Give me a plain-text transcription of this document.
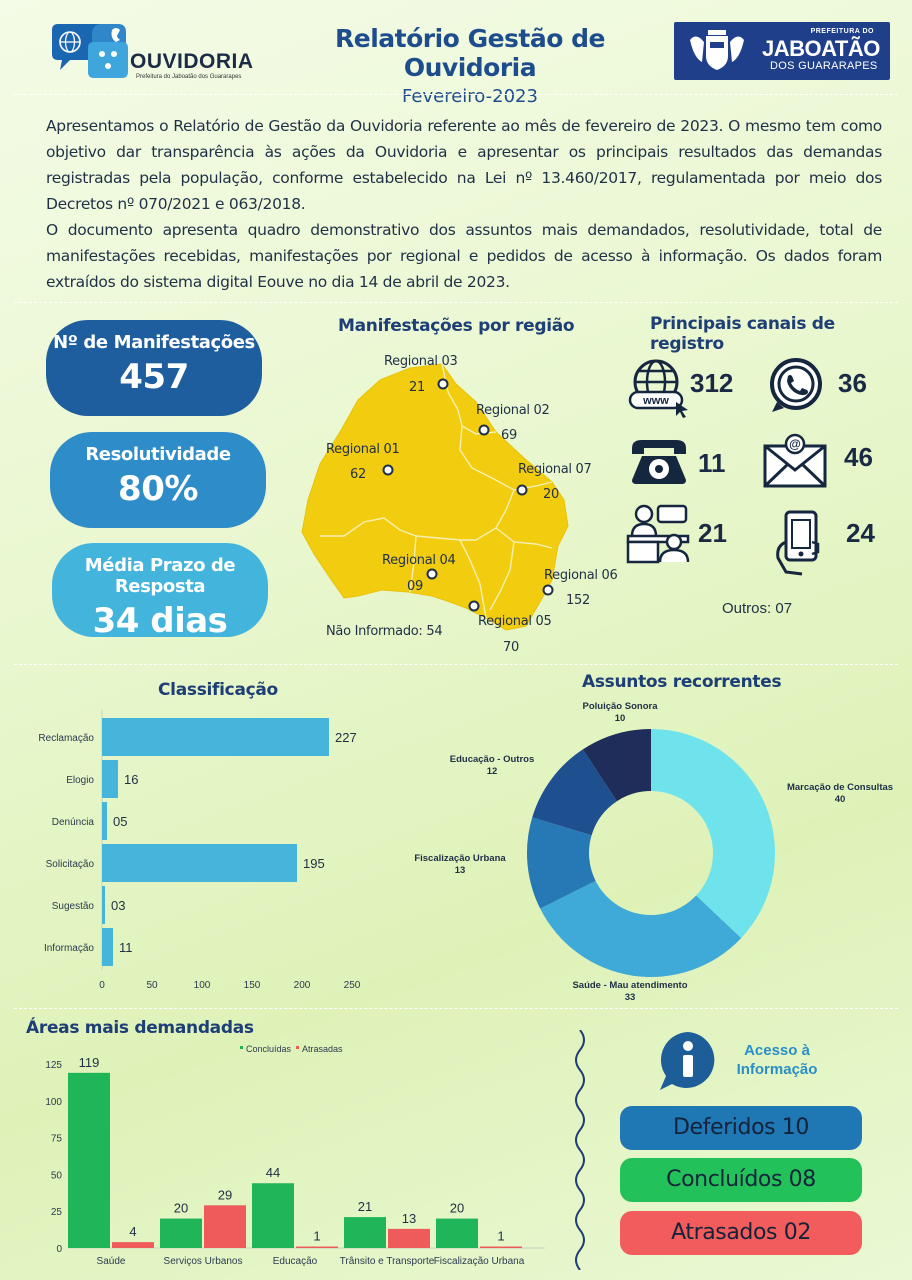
OUVIDORIA
Prefeitura do Jaboatão dos Guararapes
Relatório Gestão de Ouvidoria
Fevereiro-2023
PREFEITURA DO
JABOATÃO
DOS GUARARAPES

Apresentamos o Relatório de Gestão da Ouvidoria referente ao mês de fevereiro de 2023. O mesmo tem como objetivo dar transparência às ações da Ouvidoria e apresentar os principais resultados das demandas registradas pela população, conforme estabelecido na Lei nº 13.460/2017, regulamentada por meio dos Decretos nº 070/2021 e 063/2018.

O documento apresenta quadro demonstrativo dos assuntos mais demandados, resolutividade, total de manifestações recebidas, manifestações por regional e pedidos de acesso à informação. Os dados foram extraídos do sistema digital Eouve no dia 14 de abril de 2023.

Nº de Manifestações
457
Resolutividade
80%
Média Prazo de Resposta
34 dias
Manifestações por região
Regional 03
21
Regional 02
69
Regional 01
62	Regional 07
20
Regional 04
09
Regional 06
152
Regional 05
70
Não Informado: 54
Principais canais de registro
www
312	36
11
@ 46
21	24
Outros: 07
Classificação
Reclamação	227
Elogio 16
Denúncia 05
Solicitação	195
Sugestão 03
Informação 11
0	50	100	150	200	250
Assuntos recorrentes
Marcação de Consultas
40
Saúde - Mau atendimento
33
Fiscalização Urbana
13
Educação - Outros
12
Poluição Sonora
10
Áreas mais demandadas
0
25
50
75
100
125
Concluídas Atrasadas
119
4
Saúde
20
29
Serviços Urbanos
44
1
Educação
21
13
Trânsito e Transporte
20
1
Fiscalização Urbana
Acesso à
Informação
Deferidos 10
Concluídos 08
Atrasados 02
